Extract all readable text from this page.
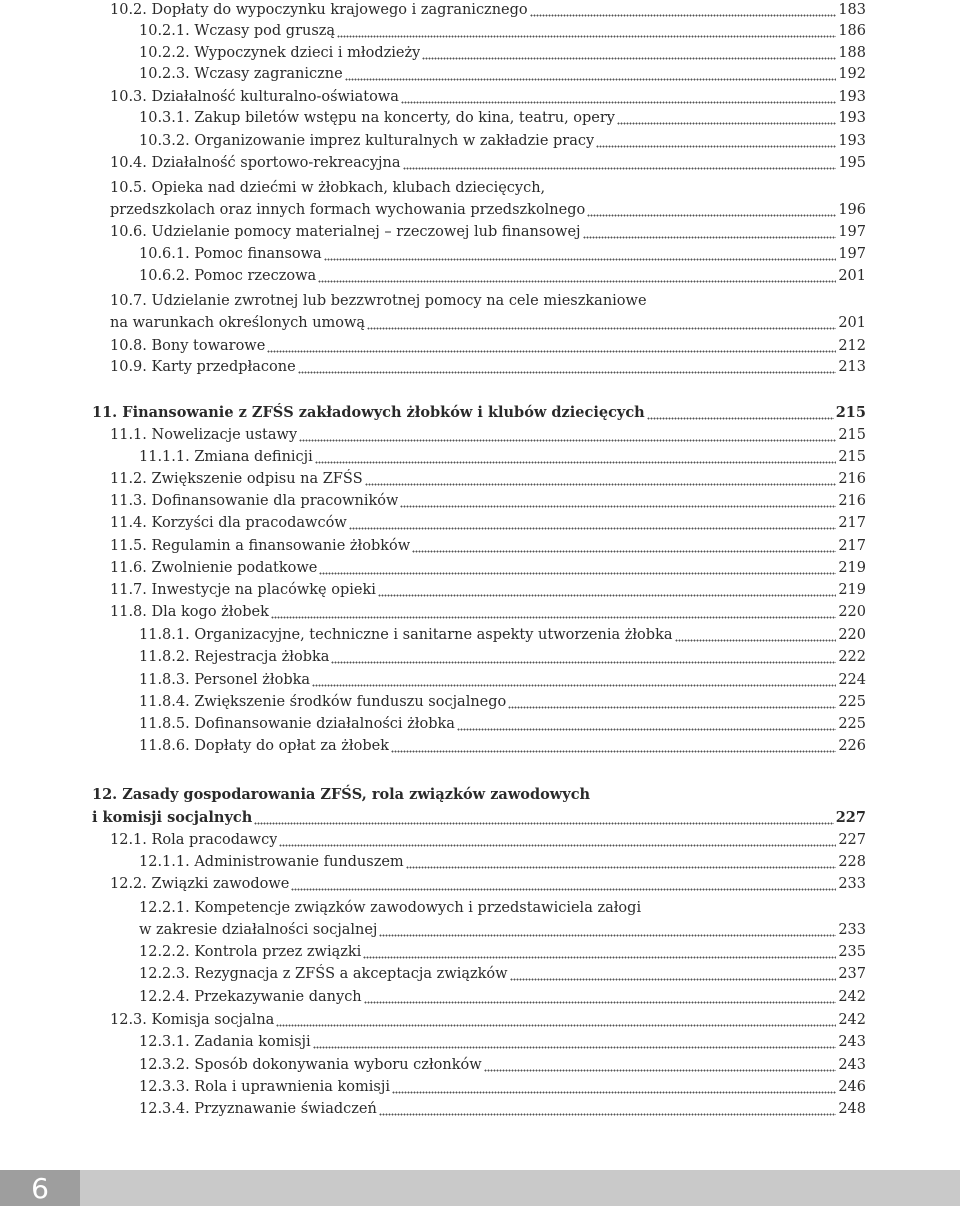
10.2. Dopłaty do wypoczynku krajowego i zagranicznego	183
10.2.1. Wczasy pod gruszą	186
10.2.2. Wypoczynek dzieci i młodzieży	188
10.2.3. Wczasy zagraniczne	192
10.3. Działalność kulturalno-oświatowa	193
10.3.1. Zakup biletów wstępu na koncerty, do kina, teatru, opery	193
10.3.2. Organizowanie imprez kulturalnych w zakładzie pracy	193
10.4. Działalność sportowo-rekreacyjna	195
10.5. Opieka nad dziećmi w żłobkach, klubach dziecięcych,
przedszkolach oraz innych formach wychowania przedszkolnego	196
10.6. Udzielanie pomocy materialnej – rzeczowej lub finansowej	197
10.6.1. Pomoc finansowa	197
10.6.2. Pomoc rzeczowa	201
10.7. Udzielanie zwrotnej lub bezzwrotnej pomocy na cele mieszkaniowe
na warunkach określonych umową	201
10.8. Bony towarowe	212
10.9. Karty przedpłacone	213
11. Finansowanie z ZFŚS zakładowych żłobków i klubów dziecięcych	215
11.1. Nowelizacje ustawy	215
11.1.1. Zmiana definicji	215
11.2. Zwiększenie odpisu na ZFŚS	216
11.3. Dofinansowanie dla pracowników	216
11.4. Korzyści dla pracodawców	217
11.5. Regulamin a finansowanie żłobków	217
11.6. Zwolnienie podatkowe	219
11.7. Inwestycje na placówkę opieki	219
11.8. Dla kogo żłobek	220
11.8.1. Organizacyjne, techniczne i sanitarne aspekty utworzenia żłobka	220
11.8.2. Rejestracja żłobka	222
11.8.3. Personel żłobka	224
11.8.4. Zwiększenie środków funduszu socjalnego	225
11.8.5. Dofinansowanie działalności żłobka	225
11.8.6. Dopłaty do opłat za żłobek	226
12. Zasady gospodarowania ZFŚS, rola związków zawodowych
i komisji socjalnych	227
12.1. Rola pracodawcy	227
12.1.1. Administrowanie funduszem	228
12.2. Związki zawodowe	233
12.2.1. Kompetencje związków zawodowych i przedstawiciela załogi
w zakresie działalności socjalnej	233
12.2.2. Kontrola przez związki	235
12.2.3. Rezygnacja z ZFŚS a akceptacja związków	237
12.2.4. Przekazywanie danych	242
12.3. Komisja socjalna	242
12.3.1. Zadania komisji	243
12.3.2. Sposób dokonywania wyboru członków	243
12.3.3. Rola i uprawnienia komisji	246
12.3.4. Przyznawanie świadczeń	248
6
